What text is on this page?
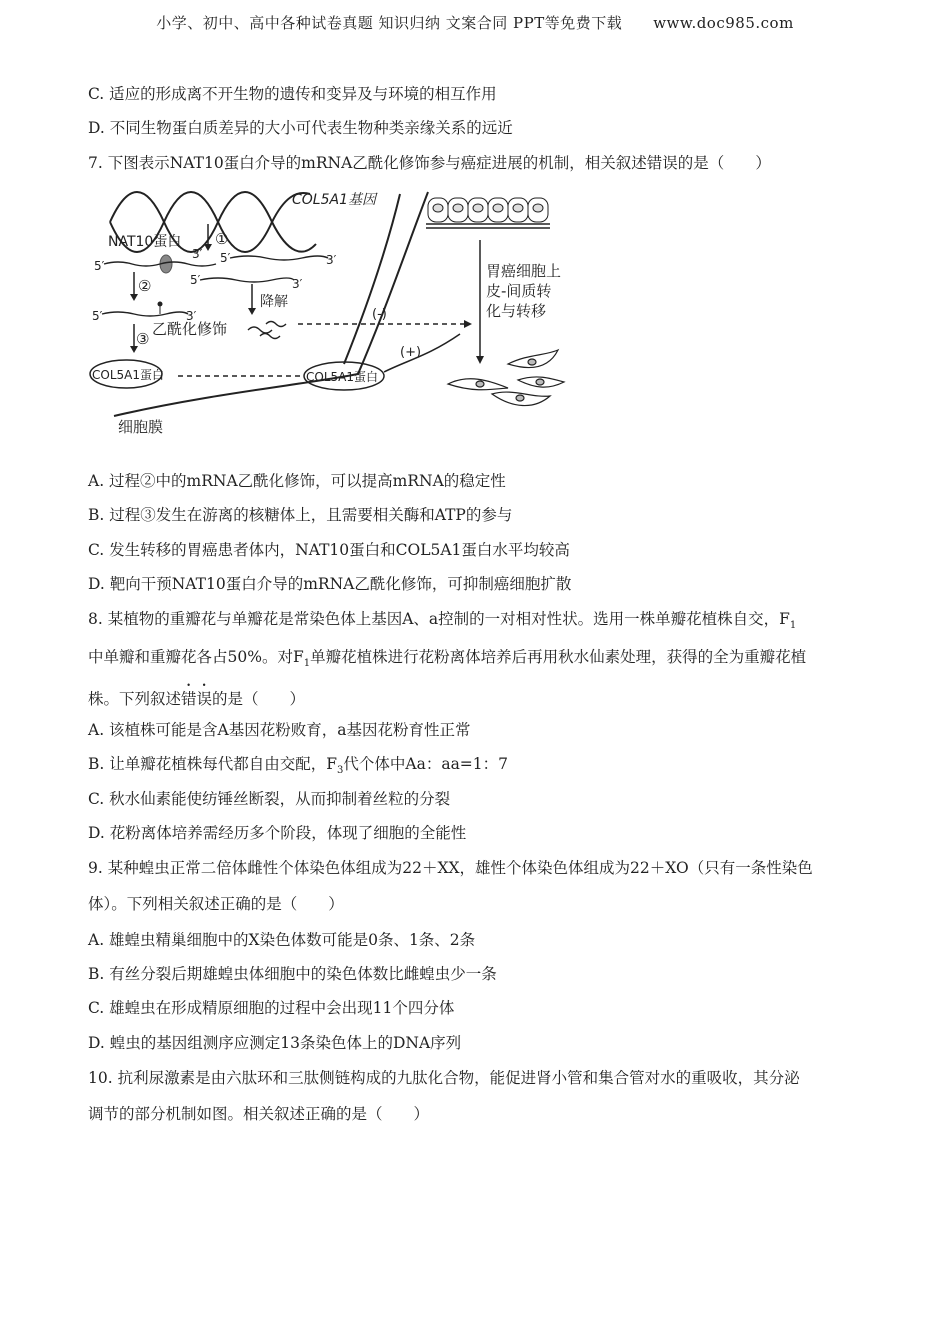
小学、初中、高中各种试卷真题 知识归纳 文案合同 PPT等免费下载　　www.doc985.com
C. 适应的形成离不开生物的遗传和变异及与环境的相互作用
D. 不同生物蛋白质差异的大小可代表生物种类亲缘关系的远近
7. 下图表示NAT10蛋白介导的mRNA乙酰化修饰参与癌症进展的机制，相关叙述错误的是（　　）
COL5A1基因
①
NAT10蛋白
3′
5′
5′	3′
5′	3′
②
降解
5′	3′
③
乙酰化修饰
COL5A1蛋白
(-)
COL5A1蛋白
(+)
细胞膜
胃癌细胞上
皮-间质转
化与转移
A. 过程②中的mRNA乙酰化修饰，可以提高mRNA的稳定性
B. 过程③发生在游离的核糖体上，且需要相关酶和ATP的参与
C. 发生转移的胃癌患者体内，NAT10蛋白和COL5A1蛋白水平均较高
D. 靶向干预NAT10蛋白介导的mRNA乙酰化修饰，可抑制癌细胞扩散
8. 某植物的重瓣花与单瓣花是常染色体上基因A、a控制的一对相对性状。选用一株单瓣花植株自交，$F_1$
中单瓣和重瓣花各占50%。对$F_1$单瓣花植株进行花粉离体培养后再用秋水仙素处理，获得的全为重瓣花植
株。下列叙述错误的是（　　）
A. 该植株可能是含A基因花粉败育，a基因花粉育性正常
B. 让单瓣花植株每代都自由交配，$F_3$代个体中Aa：aa=1：7
C. 秋水仙素能使纺锤丝断裂，从而抑制着丝粒的分裂
D. 花粉离体培养需经历多个阶段，体现了细胞的全能性
9. 某种蝗虫正常二倍体雌性个体染色体组成为22＋XX，雄性个体染色体组成为22＋XO（只有一条性染色
体）。下列相关叙述正确的是（　　）
A. 雄蝗虫精巢细胞中的X染色体数可能是0条、1条、2条
B. 有丝分裂后期雄蝗虫体细胞中的染色体数比雌蝗虫少一条
C. 雄蝗虫在形成精原细胞的过程中会出现11个四分体
D. 蝗虫的基因组测序应测定13条染色体上的DNA序列
10. 抗利尿激素是由六肽环和三肽侧链构成的九肽化合物，能促进肾小管和集合管对水的重吸收，其分泌
调节的部分机制如图。相关叙述正确的是（　　）
